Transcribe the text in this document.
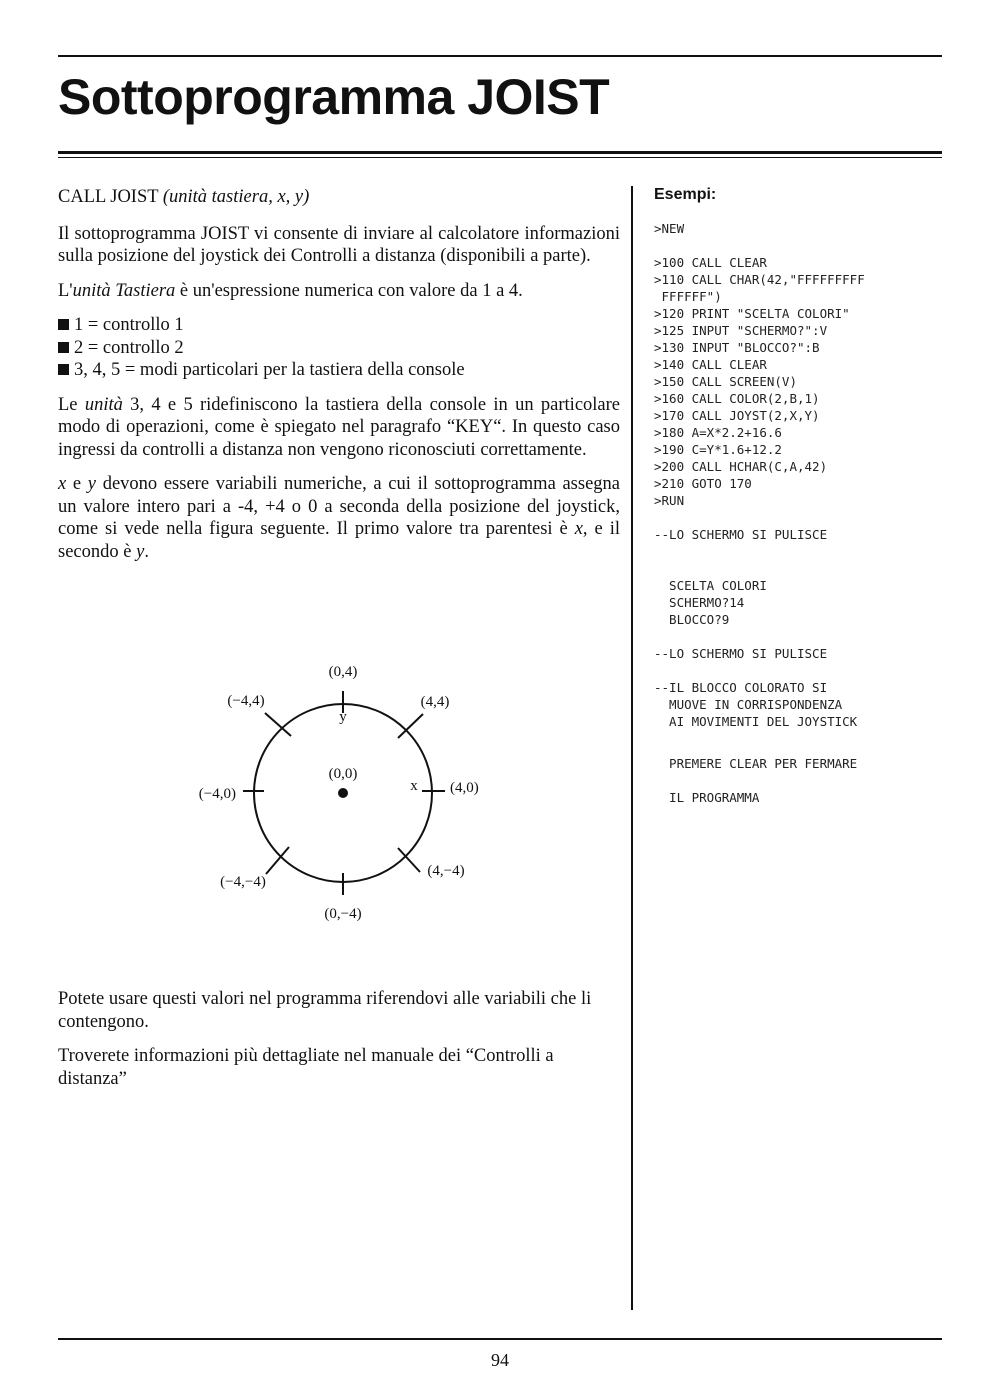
Sottoprogramma JOIST

CALL JOIST (unità tastiera, x, y)

Il sottoprogramma JOIST vi consente di inviare al calcolatore informazioni sulla posizione del joystick dei Controlli a distanza (disponibili a parte).

L'unità Tastiera è un'espressione numerica con valore da 1 a 4.

1 = controllo 1
2 = controllo 2
3, 4, 5 = modi particolari per la tastiera della console

Le unità 3, 4 e 5 ridefiniscono la tastiera della console in un particolare modo di operazioni, come è spiegato nel paragrafo “KEY“. In questo caso ingressi da controlli a distanza non vengono riconosciuti correttamente.

x e y devono essere variabili numeriche, a cui il sottoprogramma assegna un valore intero pari a -4, +4 o 0 a seconda della posizione del joystick, come si vede nella figura seguente. Il primo valore tra parentesi è x, e il secondo è y.

(0,4)
(−4,4)	(4,4)
y
(0,0)
(−4,0)	x (4,0)
(−4,−4)
(4,−4)
(0,−4)

Potete usare questi valori nel programma riferendovi alle variabili che li contengono.

Troverete informazioni più dettagliate nel manuale dei “Controlli a distanza”

Esempi:
>NEW
>100 CALL CLEAR
>110 CALL CHAR(42,"FFFFFFFFF
FFFFFF")
>120 PRINT "SCELTA COLORI"
>125 INPUT "SCHERMO?":V
>130 INPUT "BLOCCO?":B
>140 CALL CLEAR
>150 CALL SCREEN(V)
>160 CALL COLOR(2,B,1)
>170 CALL JOYST(2,X,Y)
>180 A=X*2.2+16.6
>190 C=Y*1.6+12.2
>200 CALL HCHAR(C,A,42)
>210 GOTO 170
>RUN
--LO SCHERMO SI PULISCE
SCELTA COLORI
SCHERMO?14
BLOCCO?9
--LO SCHERMO SI PULISCE
--IL BLOCCO COLORATO SI
MUOVE IN CORRISPONDENZA
AI MOVIMENTI DEL JOYSTICK
PREMERE CLEAR PER FERMARE
IL PROGRAMMA
94
